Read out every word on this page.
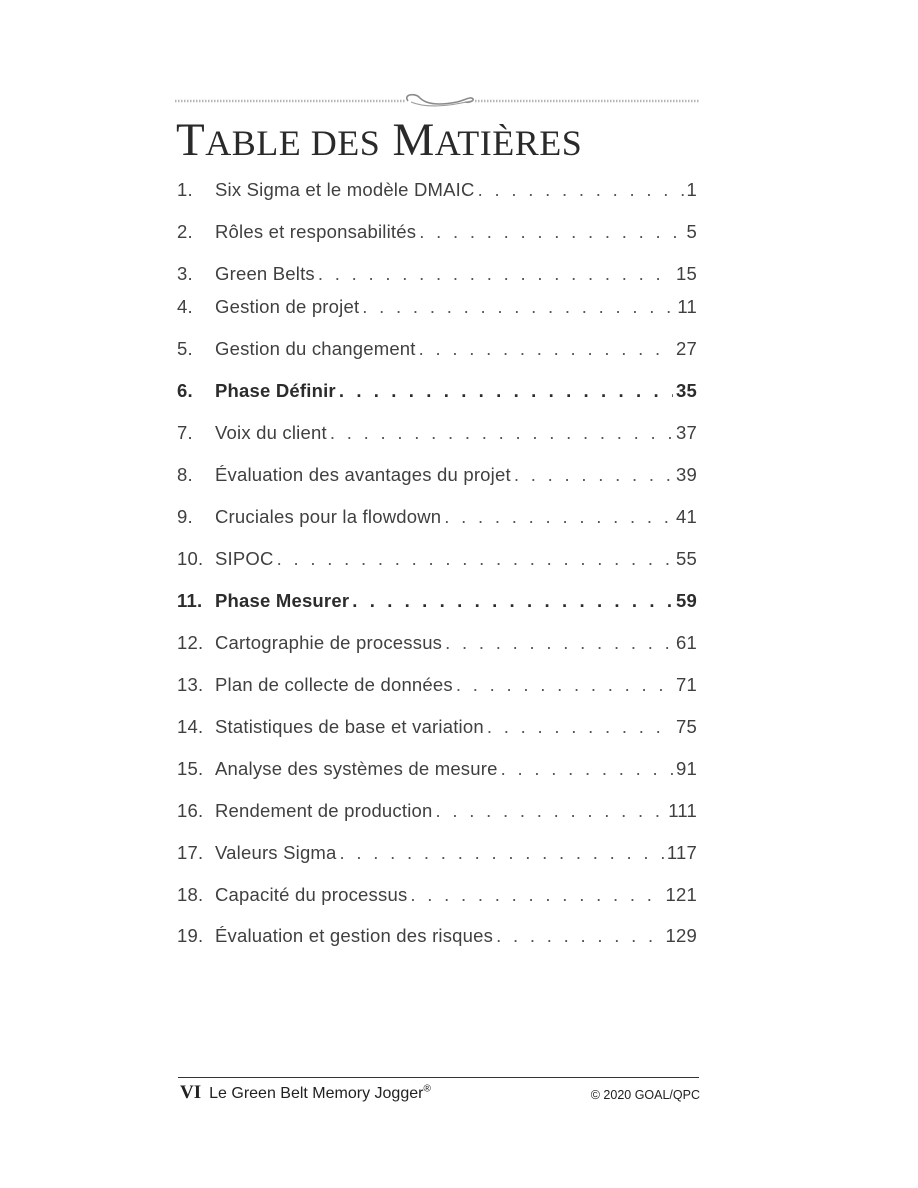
TABLE DES MATIÈRES
1.	Six Sigma et le modèle DMAIC . . .	1
2.	Rôles et responsabilités . . .	5
3.	Green Belts . . .	15
4.	Gestion de projet . . .	11
5.	Gestion du changement . . .	27
6.	Phase Définir . . .	35
7.	Voix du client . . .	37
8.	Évaluation des avantages du projet . . .	39
9.	Cruciales pour la flowdown . . .	41
10. SIPOC . . .	55
11. Phase Mesurer . . .	59
12. Cartographie de processus . . .	61
13. Plan de collecte de données . . .	71
14. Statistiques de base et variation . . .	75
15. Analyse des systèmes de mesure . . .	91
16. Rendement de production . . .	111
17. Valeurs Sigma . . .	117
18. Capacité du processus . . .	121
19. Évaluation et gestion des risques . . .	129
VI Le Green Belt Memory Jogger®	© 2020 GOAL/QPC
